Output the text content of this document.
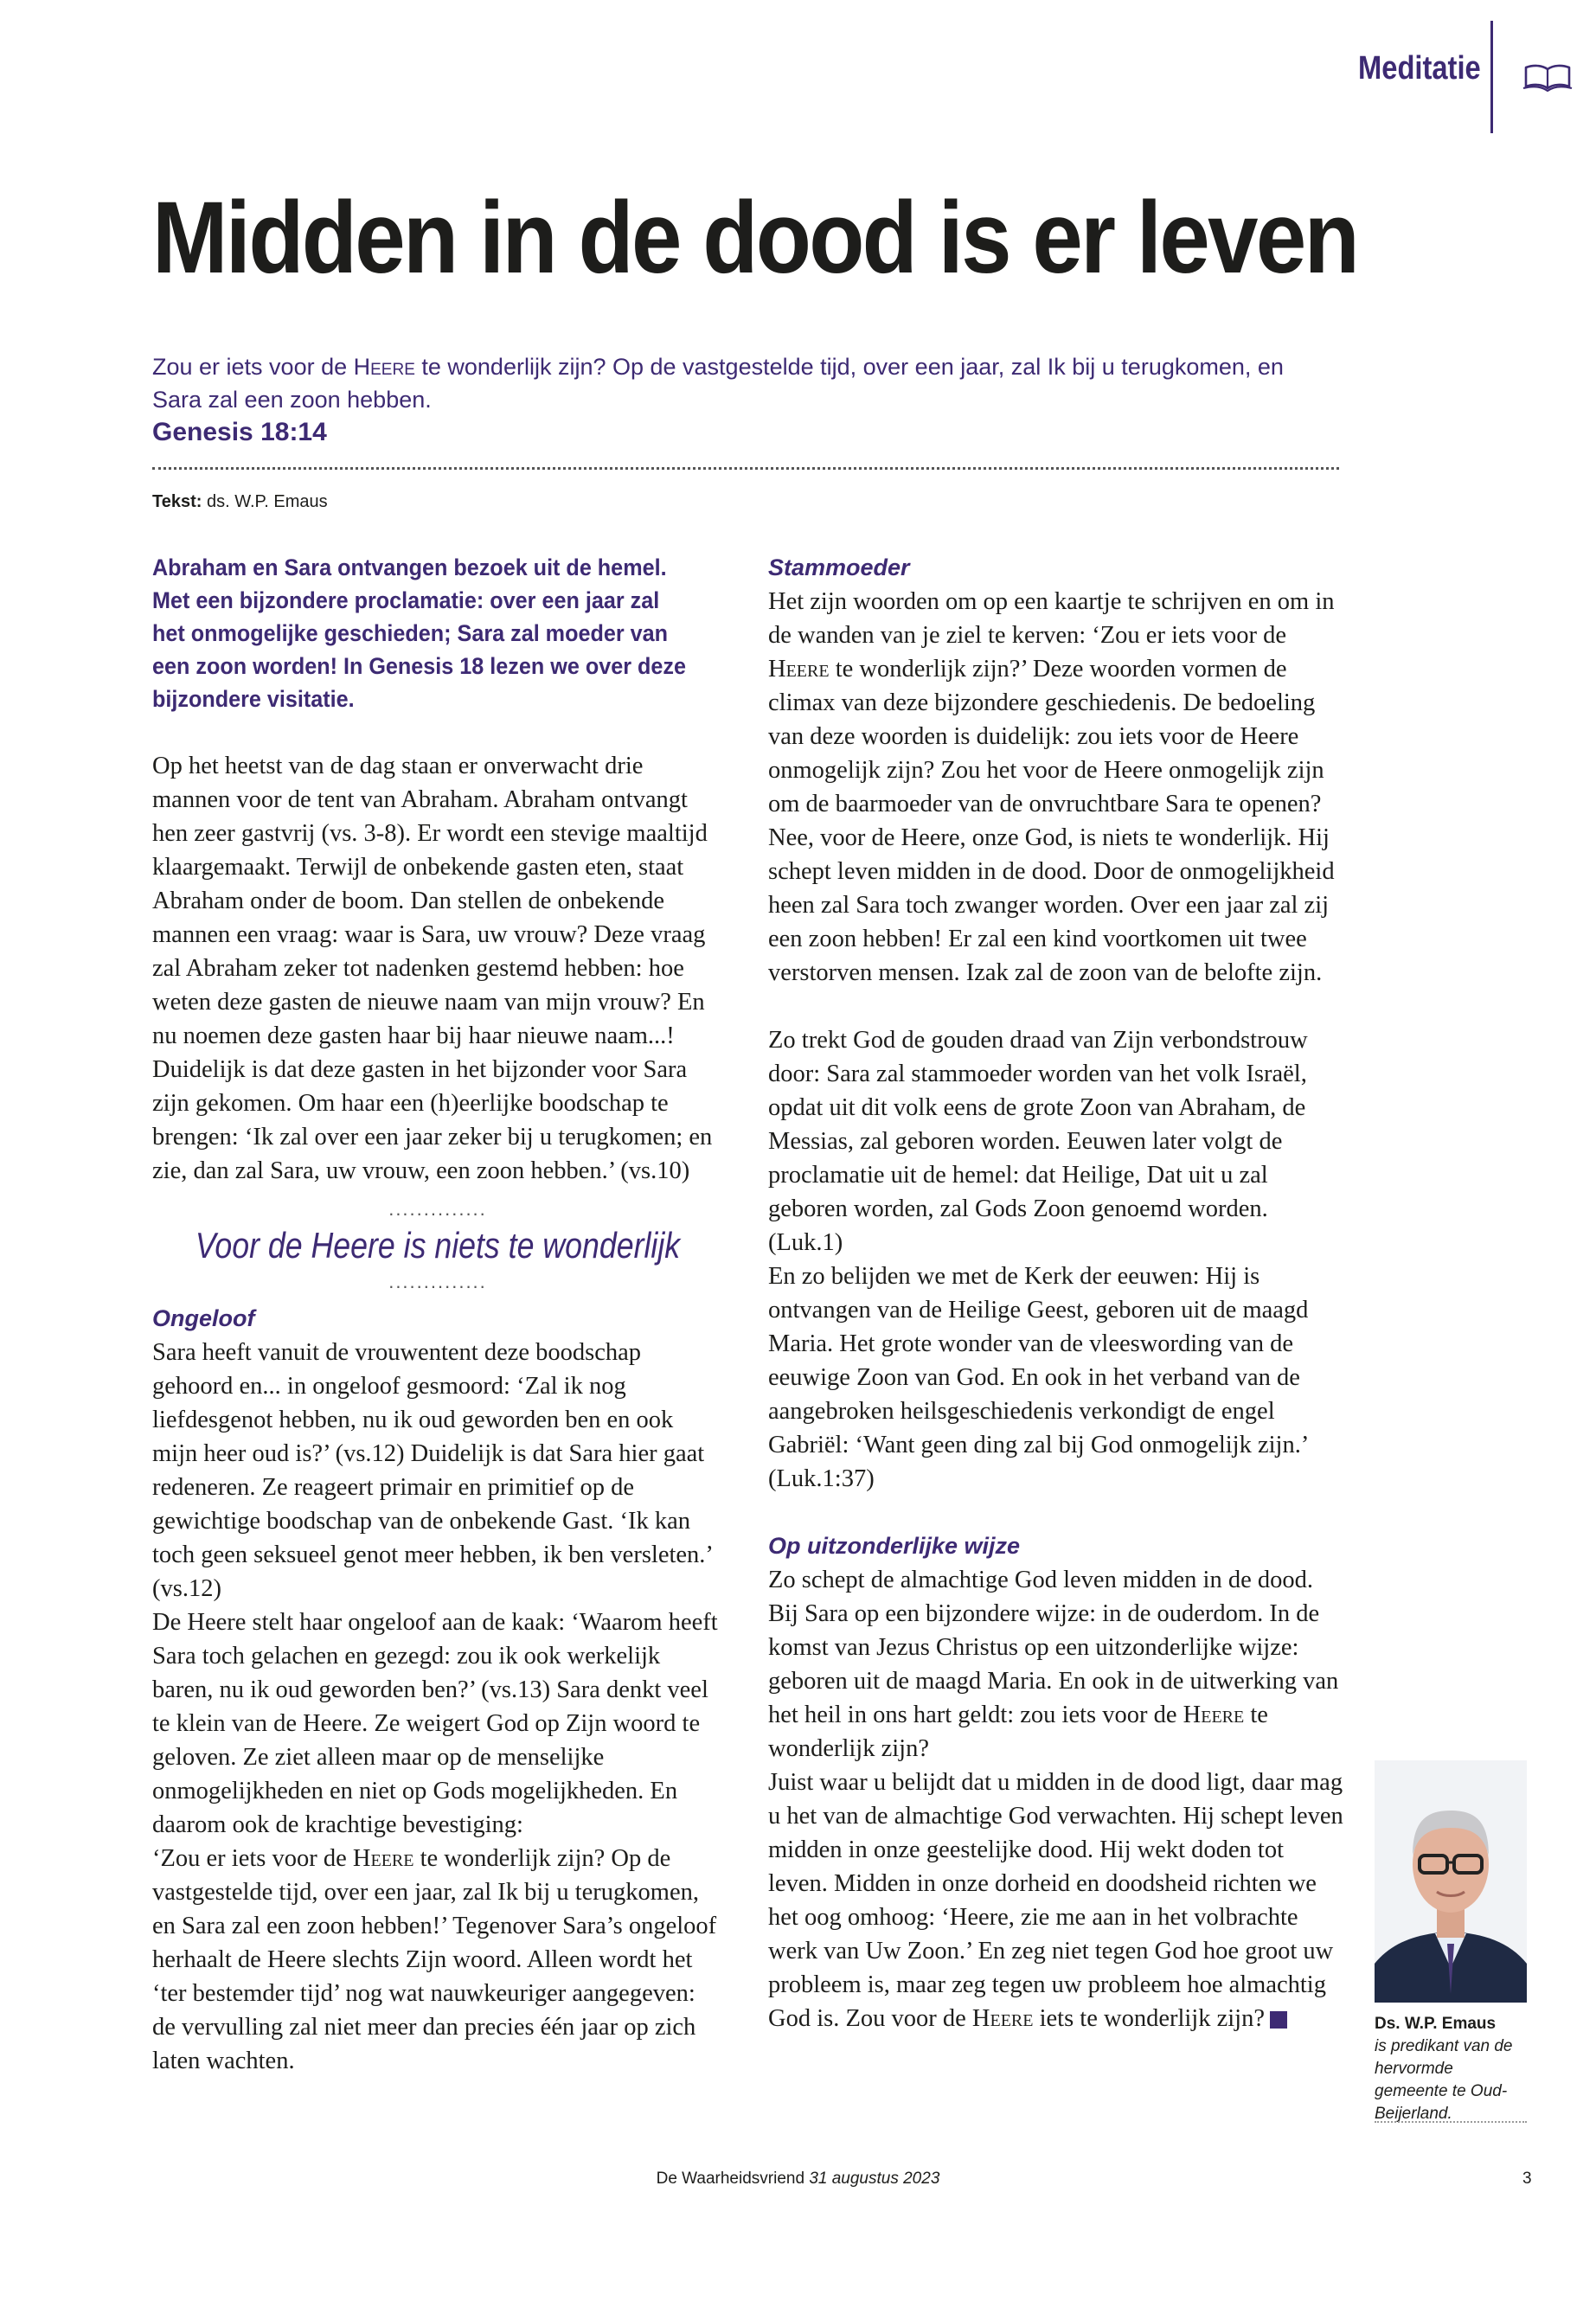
Meditatie
Midden in de dood is er leven
Zou er iets voor de Heere te wonderlijk zijn? Op de vastgestelde tijd, over een jaar, zal Ik bij u terugkomen, en Sara zal een zoon hebben.
Genesis 18:14
Tekst: ds. W.P. Emaus

Abraham en Sara ontvangen bezoek uit de hemel. Met een bijzondere proclamatie: over een jaar zal het onmogelijke geschieden; Sara zal moeder van een zoon worden! In Genesis 18 lezen we over deze bijzondere visitatie.

Op het heetst van de dag staan er onverwacht drie mannen voor de tent van Abraham. Abraham ontvangt hen zeer gastvrij (vs. 3-8). Er wordt een stevige maaltijd klaargemaakt. Terwijl de onbekende gasten eten, staat Abraham onder de boom. Dan stellen de onbekende mannen een vraag: waar is Sara, uw vrouw? Deze vraag zal Abraham zeker tot nadenken gestemd hebben: hoe weten deze gasten de nieuwe naam van mijn vrouw? En nu noemen deze gasten haar bij haar nieuwe naam...! Duidelijk is dat deze gasten in het bijzonder voor Sara zijn gekomen. Om haar een (h)eerlijke boodschap te brengen: ‘Ik zal over een jaar zeker bij u terugkomen; en zie, dan zal Sara, uw vrouw, een zoon hebben.’ (vs.10)

..............
Voor de Heere is niets te wonderlijk
..............

Ongeloof

Sara heeft vanuit de vrouwentent deze boodschap gehoord en... in ongeloof gesmoord: ‘Zal ik nog liefdesgenot hebben, nu ik oud geworden ben en ook mijn heer oud is?’ (vs.12) Duidelijk is dat Sara hier gaat redeneren. Ze reageert primair en primitief op de gewichtige boodschap van de onbekende Gast. ‘Ik kan toch geen seksueel genot meer hebben, ik ben versleten.’ (vs.12)

De Heere stelt haar ongeloof aan de kaak: ‘Waarom heeft Sara toch gelachen en gezegd: zou ik ook werkelijk baren, nu ik oud geworden ben?’ (vs.13) Sara denkt veel te klein van de Heere. Ze weigert God op Zijn woord te geloven. Ze ziet alleen maar op de menselijke onmogelijkheden en niet op Gods mogelijkheden. En daarom ook de krachtige bevestiging:

‘Zou er iets voor de Heere te wonderlijk zijn? Op de vastgestelde tijd, over een jaar, zal Ik bij u terugkomen, en Sara zal een zoon hebben!’ Tegenover Sara’s ongeloof herhaalt de Heere slechts Zijn woord. Alleen wordt het ‘ter bestemder tijd’ nog wat nauwkeuriger aangegeven: de vervulling zal niet meer dan precies één jaar op zich laten wachten.

Stammoeder

Het zijn woorden om op een kaartje te schrijven en om in de wanden van je ziel te kerven: ‘Zou er iets voor de Heere te wonderlijk zijn?’ Deze woorden vormen de climax van deze bijzondere geschiedenis. De bedoeling van deze woorden is duidelijk: zou iets voor de Heere onmogelijk zijn? Zou het voor de Heere onmogelijk zijn om de baarmoeder van de onvruchtbare Sara te openen? Nee, voor de Heere, onze God, is niets te wonderlijk. Hij schept leven midden in de dood. Door de onmogelijkheid heen zal Sara toch zwanger worden. Over een jaar zal zij een zoon hebben! Er zal een kind voortkomen uit twee verstorven mensen. Izak zal de zoon van de belofte zijn.

Zo trekt God de gouden draad van Zijn verbondstrouw door: Sara zal stammoeder worden van het volk Israël, opdat uit dit volk eens de grote Zoon van Abraham, de Messias, zal geboren worden. Eeuwen later volgt de proclamatie uit de hemel: dat Heilige, Dat uit u zal geboren worden, zal Gods Zoon genoemd worden. (Luk.1)

En zo belijden we met de Kerk der eeuwen: Hij is ontvangen van de Heilige Geest, geboren uit de maagd Maria. Het grote wonder van de vleeswording van de eeuwige Zoon van God. En ook in het verband van de aangebroken heilsgeschiedenis verkondigt de engel Gabriël: ‘Want geen ding zal bij God onmogelijk zijn.’ (Luk.1:37)

Op uitzonderlijke wijze

Zo schept de almachtige God leven midden in de dood. Bij Sara op een bijzondere wijze: in de ouderdom. In de komst van Jezus Christus op een uitzonderlijke wijze: geboren uit de maagd Maria. En ook in de uitwerking van het heil in ons hart geldt: zou iets voor de Heere te wonderlijk zijn?

Juist waar u belijdt dat u midden in de dood ligt, daar mag u het van de almachtige God verwachten. Hij schept leven midden in onze geestelijke dood. Hij wekt doden tot leven. Midden in onze dorheid en doodsheid richten we het oog omhoog: ‘Heere, zie me aan in het volbrachte werk van Uw Zoon.’ En zeg niet tegen God hoe groot uw probleem is, maar zeg tegen uw probleem hoe almachtig God is. Zou voor de Heere iets te wonderlijk zijn?	Ds. W.P. Emaus
is predikant van de hervormde gemeente te Oud-Beijerland.
De Waarheidsvriend 31 augustus 2023	3
